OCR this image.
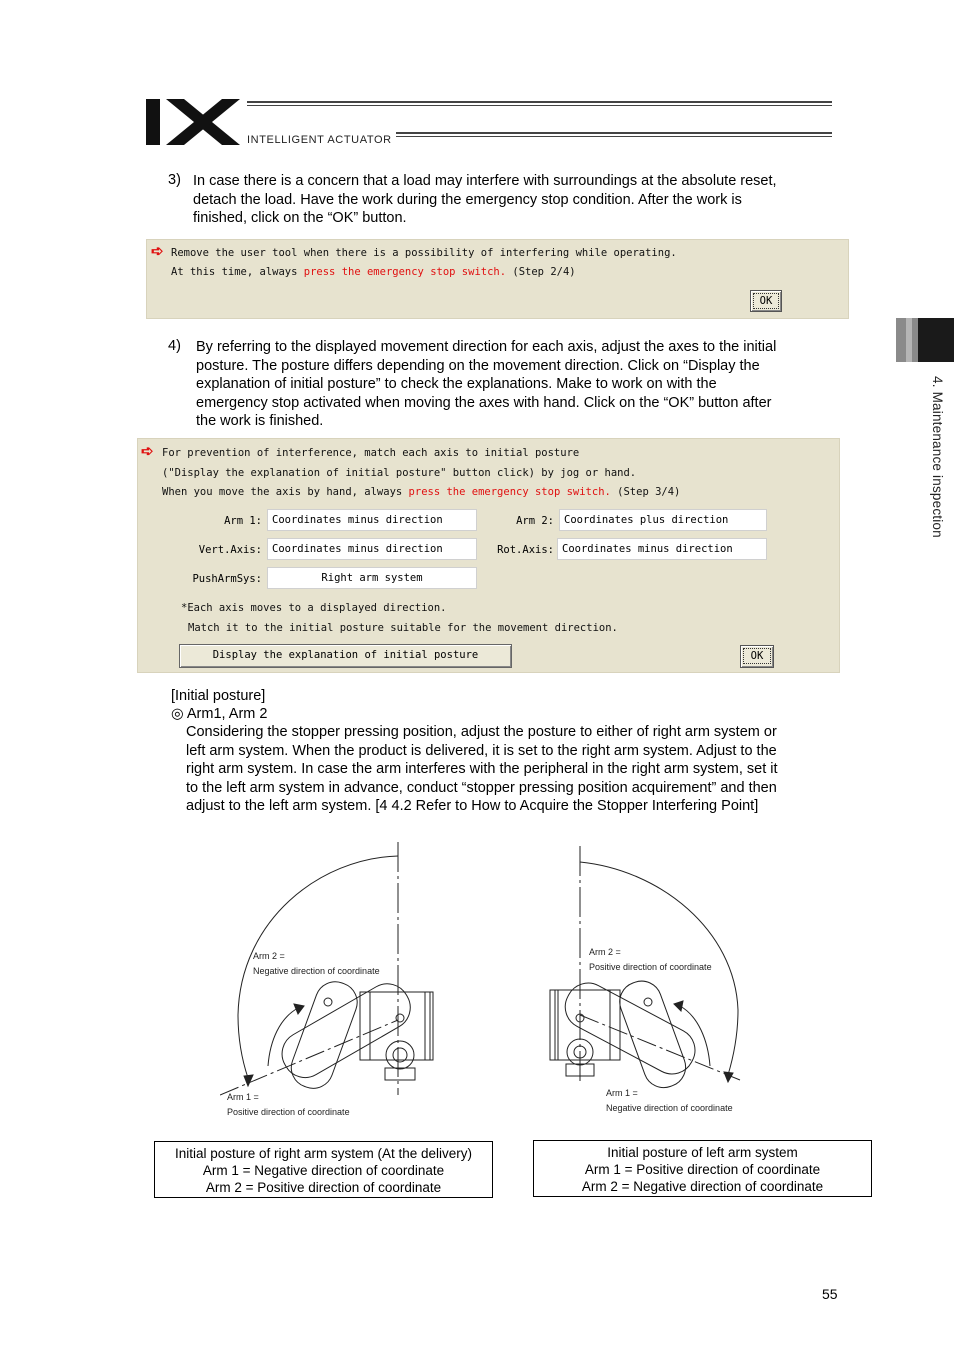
INTELLIGENT ACTUATOR
4. Maintenance inspection
3) In case there is a concern that a load may interfere with surroundings at the absolute reset,
detach the load. Have the work during the emergency stop condition. After the work is
finished, click on the “OK” button.
➪ Remove the user tool when there is a possibility of interfering while operating.
At this time, always press the emergency stop switch. (Step 2/4)
OK
4) By referring to the displayed movement direction for each axis, adjust the axes to the initial
posture. The posture differs depending on the movement direction. Click on “Display the
explanation of initial posture” to check the explanations. Make to work on with the
emergency stop activated when moving the axes with hand. Click on the “OK” button after
the work is finished.
➪ For prevention of interference, match each axis to initial posture
("Display the explanation of initial posture" button click) by jog or hand.
When you move the axis by hand, always press the emergency stop switch. (Step 3/4)
Arm 1: Coordinates minus direction	Arm 2: Coordinates plus direction
Vert.Axis: Coordinates minus direction	Rot.Axis: Coordinates minus direction
PushArmSys:	Right arm system
*Each axis moves to a displayed direction.
Match it to the initial posture suitable for the movement direction.
Display the explanation of initial posture	OK
[Initial posture]
◎ Arm1, Arm 2
Considering the stopper pressing position, adjust the posture to either of right arm system or
left arm system. When the product is delivered, it is set to the right arm system. Adjust to the
right arm system. In case the arm interferes with the peripheral in the right arm system, set it
to the left arm system in advance, conduct “stopper pressing position acquirement” and then
adjust to the left arm system. [4 4.2 Refer to How to Acquire the Stopper Interfering Point]
Arm 2 =
Negative direction of coordinate
Arm 1 =
Positive direction of coordinate
Initial posture of right arm system (At the delivery)
Arm 1 = Negative direction of coordinate
Arm 2 = Positive direction of coordinate
Arm 2 =
Positive direction of coordinate
Arm 1 =
Negative direction of coordinate
Initial posture of left arm system
Arm 1 = Positive direction of coordinate
Arm 2 = Negative direction of coordinate
55
